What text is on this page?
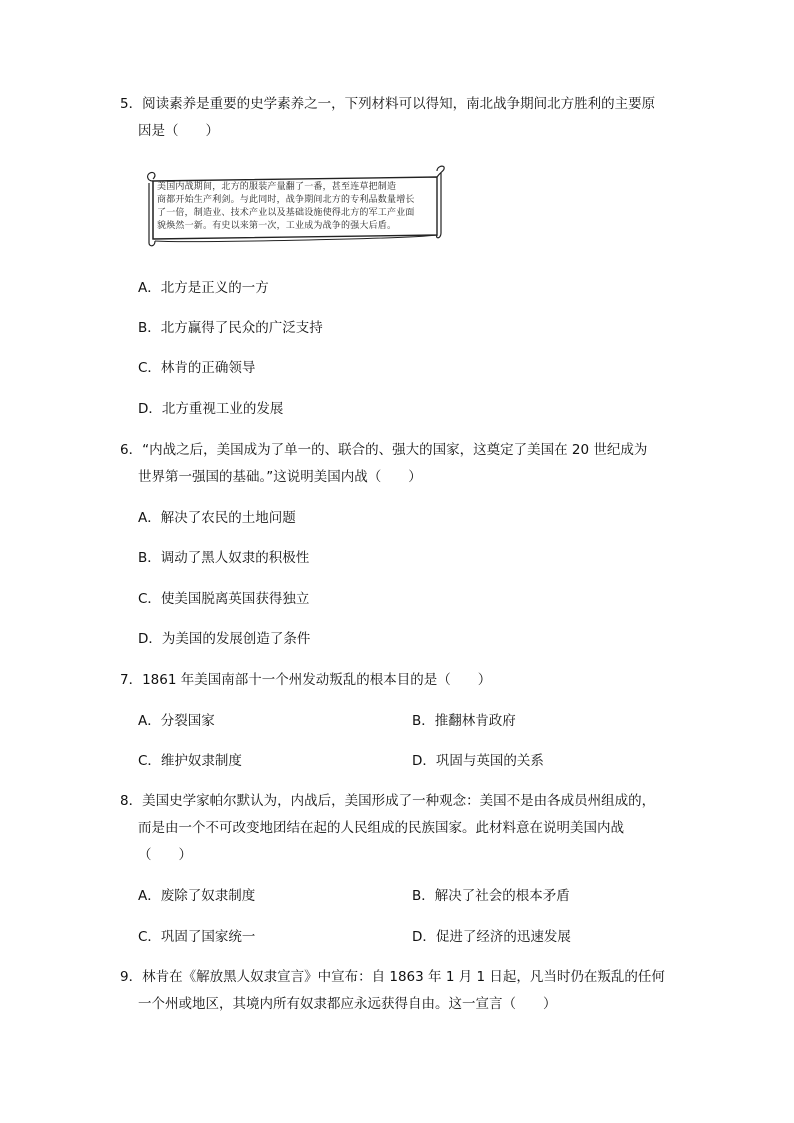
5．阅读素养是重要的史学素养之一，下列材料可以得知，南北战争期间北方胜利的主要原
因是（　　）
美国内战期间，北方的服装产量翻了一番，甚至连草把制造
商都开始生产利剑。与此同时，战争期间北方的专利品数量增长
了一倍，制造业、技术产业以及基础设施使得北方的军工产业面
貌焕然一新。有史以来第一次，工业成为战争的强大后盾。
A．北方是正义的一方
B．北方赢得了民众的广泛支持
C．林肯的正确领导
D．北方重视工业的发展
6．“内战之后，美国成为了单一的、联合的、强大的国家，这奠定了美国在 20 世纪成为
世界第一强国的基础。”这说明美国内战（　　）
A．解决了农民的土地问题
B．调动了黑人奴隶的积极性
C．使美国脱离英国获得独立
D．为美国的发展创造了条件
7．1861 年美国南部十一个州发动叛乱的根本目的是（　　）
A．分裂国家	B．推翻林肯政府
C．维护奴隶制度	D．巩固与英国的关系
8．美国史学家帕尔默认为，内战后，美国形成了一种观念：美国不是由各成员州组成的，
而是由一个不可改变地团结在起的人民组成的民族国家。此材料意在说明美国内战
（　　）
A．废除了奴隶制度	B．解决了社会的根本矛盾
C．巩固了国家统一	D．促进了经济的迅速发展
9．林肯在《解放黑人奴隶宣言》中宣布：自 1863 年 1 月 1 日起，凡当时仍在叛乱的任何
一个州或地区，其境内所有奴隶都应永远获得自由。这一宣言（　　）
